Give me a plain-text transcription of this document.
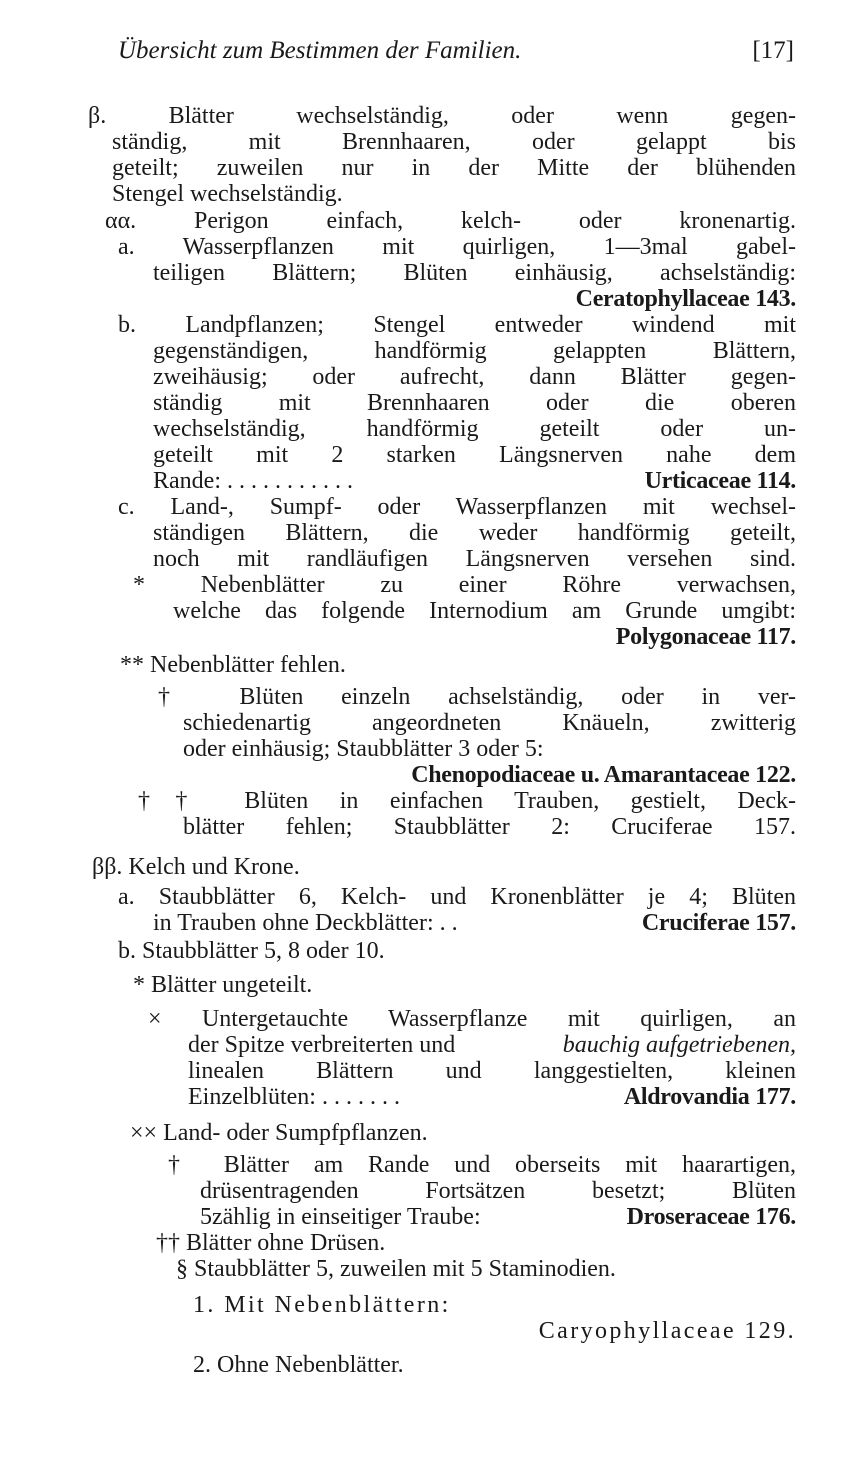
Übersicht zum Bestimmen der Familien.	[17]
β. Blätter wechselständig, oder wenn gegen-
ständig, mit Brennhaaren, oder gelappt bis
geteilt; zuweilen nur in der Mitte der blühenden
Stengel wechselständig.
αα. Perigon einfach, kelch- oder kronenartig.
a. Wasserpflanzen mit quirligen, 1—3mal gabel-
teiligen Blättern; Blüten einhäusig, achselständig:
Ceratophyllaceae 143.
b. Landpflanzen; Stengel entweder windend mit
gegenständigen, handförmig gelappten Blättern,
zweihäusig; oder aufrecht, dann Blätter gegen-
ständig mit Brennhaaren oder die oberen
wechselständig, handförmig geteilt oder un-
geteilt mit 2 starken Längsnerven nahe dem
Rande: . . . . . . . . . . .	Urticaceae 114.
c. Land-, Sumpf- oder Wasserpflanzen mit wechsel-
ständigen Blättern, die weder handförmig geteilt,
noch mit randläufigen Längsnerven versehen sind.
* Nebenblätter zu einer Röhre verwachsen,
welche das folgende Internodium am Grunde umgibt:
Polygonaceae 117.
** Nebenblätter fehlen.
† Blüten einzeln achselständig, oder in ver-
schiedenartig angeordneten Knäueln, zwitterig
oder einhäusig; Staubblätter 3 oder 5:
Chenopodiaceae u. Amarantaceae 122.
†† Blüten in einfachen Trauben, gestielt, Deck-
blätter fehlen; Staubblätter 2: Cruciferae 157.
ββ. Kelch und Krone.
a. Staubblätter 6, Kelch- und Kronenblätter je 4; Blüten
in Trauben ohne Deckblätter: . .	Cruciferae 157.
b. Staubblätter 5, 8 oder 10.
* Blätter ungeteilt.
× Untergetauchte Wasserpflanze mit quirligen, an
der Spitze verbreiterten und	bauchig aufgetriebenen,
linealen Blättern und langgestielten, kleinen
Einzelblüten: . . . . . . .	Aldrovandia 177.
×× Land- oder Sumpfpflanzen.
† Blätter am Rande und oberseits mit haarartigen,
drüsentragenden Fortsätzen besetzt; Blüten
5zählig in einseitiger Traube:	Droseraceae 176.
†† Blätter ohne Drüsen.
§ Staubblätter 5, zuweilen mit 5 Staminodien.
1. Mit Nebenblättern:
Caryophyllaceae 129.
2. Ohne Nebenblätter.
